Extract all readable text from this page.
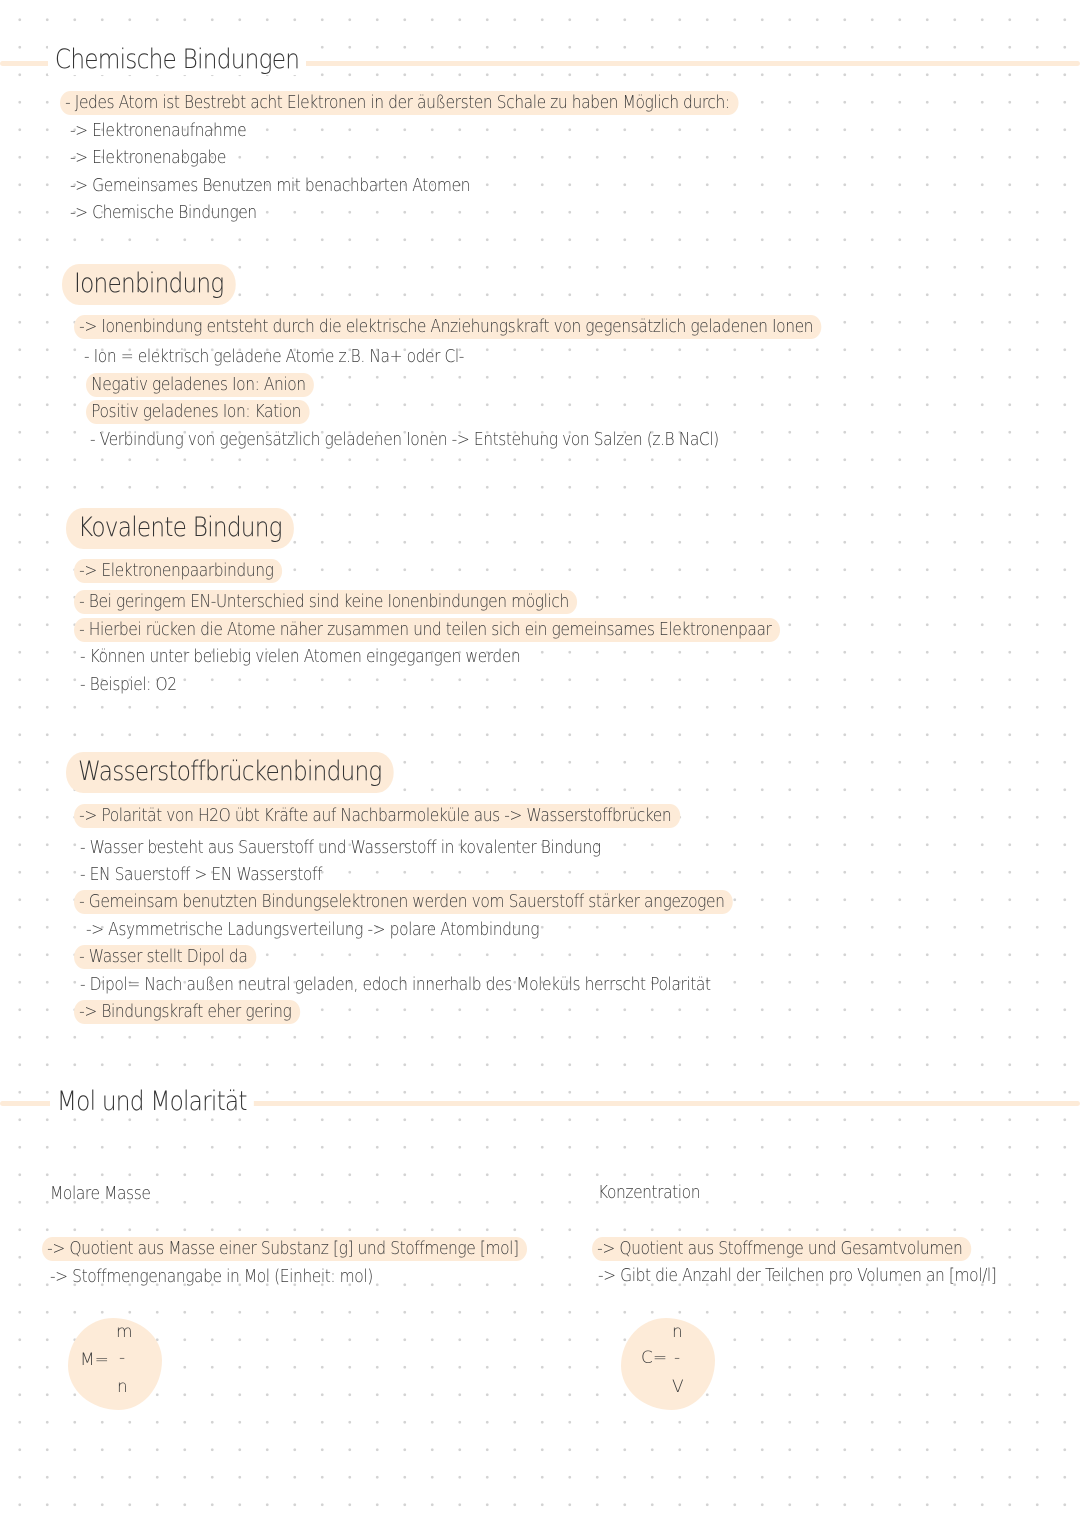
Chemische Bindungen
- Jedes Atom ist Bestrebt acht Elektronen in der äußersten Schale zu haben Möglich durch:
-> Elektronenaufnahme
-> Elektronenabgabe
-> Gemeinsames Benutzen mit benachbarten Atomen
-> Chemische Bindungen
Ionenbindung
-> Ionenbindung entsteht durch die elektrische Anziehungskraft von gegensätzlich geladenen Ionen
- Ion = elektrisch geladene Atome z.B. Na+ oder Cl-
Negativ geladenes Ion: Anion
Positiv geladenes Ion: Kation
- Verbindung von gegensätzlich geladenen Ionen -> Entstehung von Salzen (z.B NaCl)
Kovalente Bindung
-> Elektronenpaarbindung
- Bei geringem EN-Unterschied sind keine Ionenbindungen möglich
- Hierbei rücken die Atome näher zusammen und teilen sich ein gemeinsames Elektronenpaar
- Können unter beliebig vielen Atomen eingegangen werden
- Beispiel: O2
Wasserstoffbrückenbindung
-> Polarität von H2O übt Kräfte auf Nachbarmoleküle aus -> Wasserstoffbrücken
- Wasser besteht aus Sauerstoff und Wasserstoff in kovalenter Bindung
- EN Sauerstoff > EN Wasserstoff
- Gemeinsam benutzten Bindungselektronen werden vom Sauerstoff stärker angezogen
-> Asymmetrische Ladungsverteilung -> polare Atombindung
- Wasser stellt Dipol da
- Dipol= Nach außen neutral geladen, edoch innerhalb des Moleküls herrscht Polarität
-> Bindungskraft eher gering
Mol und Molarität
Molare Masse
-> Quotient aus Masse einer Substanz [g] und Stoffmenge [mol]
-> Stoffmengenangabe in Mol (Einheit: mol)
M=
m
-
n
Konzentration
-> Quotient aus Stoffmenge und Gesamtvolumen
-> Gibt die Anzahl der Teilchen pro Volumen an [mol/l]
C=
n
-
V
